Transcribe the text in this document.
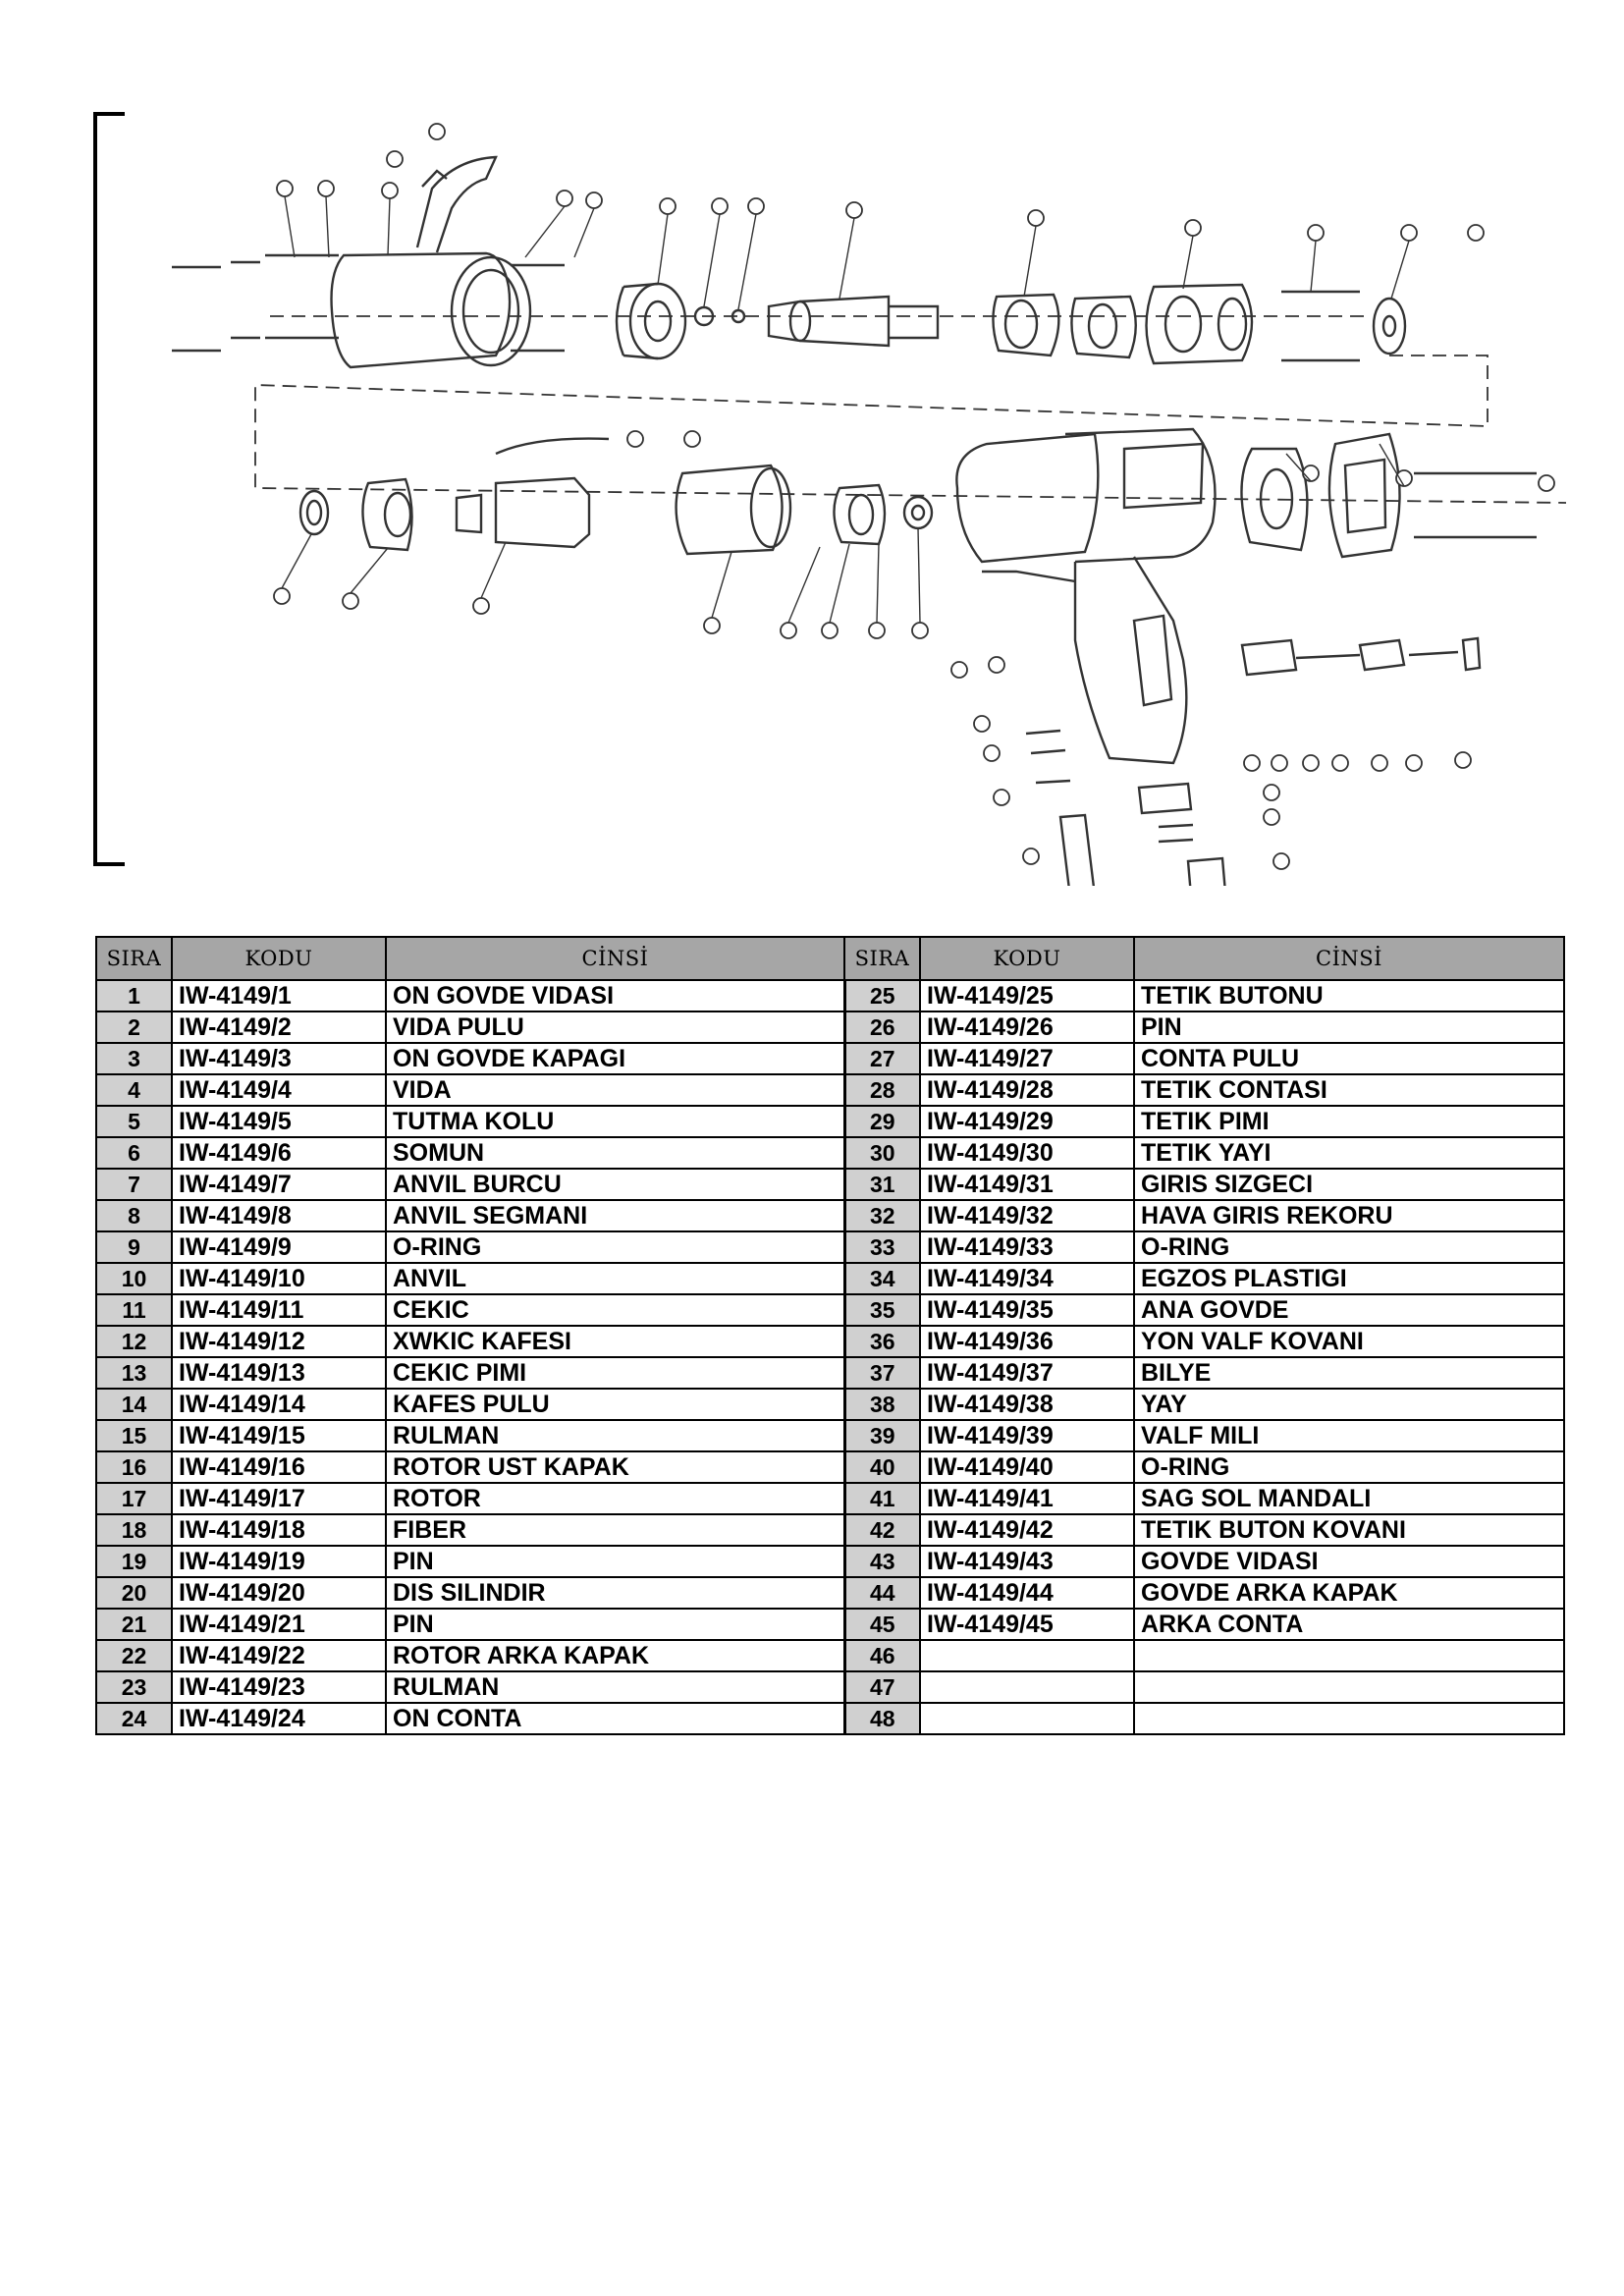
SIRA	KODU	CİNSİ	SIRA	KODU	CİNSİ
1	IW-4149/1	ON GOVDE VIDASI	25	IW-4149/25	TETIK BUTONU
2	IW-4149/2	VIDA PULU	26	IW-4149/26	PIN
3	IW-4149/3	ON GOVDE KAPAGI	27	IW-4149/27	CONTA PULU
4	IW-4149/4	VIDA	28	IW-4149/28	TETIK CONTASI
5	IW-4149/5	TUTMA KOLU	29	IW-4149/29	TETIK PIMI
6	IW-4149/6	SOMUN	30	IW-4149/30	TETIK YAYI
7	IW-4149/7	ANVIL BURCU	31	IW-4149/31	GIRIS SIZGECI
8	IW-4149/8	ANVIL SEGMANI	32	IW-4149/32	HAVA GIRIS REKORU
9	IW-4149/9	O-RING	33	IW-4149/33	O-RING
10	IW-4149/10	ANVIL	34	IW-4149/34	EGZOS PLASTIGI
11	IW-4149/11	CEKIC	35	IW-4149/35	ANA GOVDE
12	IW-4149/12	XWKIC KAFESI	36	IW-4149/36	YON VALF KOVANI
13	IW-4149/13	CEKIC PIMI	37	IW-4149/37	BILYE
14	IW-4149/14	KAFES PULU	38	IW-4149/38	YAY
15	IW-4149/15	RULMAN	39	IW-4149/39	VALF MILI
16	IW-4149/16	ROTOR UST KAPAK	40	IW-4149/40	O-RING
17	IW-4149/17	ROTOR	41	IW-4149/41	SAG SOL MANDALI
18	IW-4149/18	FIBER	42	IW-4149/42	TETIK BUTON KOVANI
19	IW-4149/19	PIN	43	IW-4149/43	GOVDE VIDASI
20	IW-4149/20	DIS SILINDIR	44	IW-4149/44	GOVDE ARKA KAPAK
21	IW-4149/21	PIN	45	IW-4149/45	ARKA CONTA
22	IW-4149/22	ROTOR ARKA KAPAK	46		
23	IW-4149/23	RULMAN	47		
24	IW-4149/24	ON CONTA	48		
